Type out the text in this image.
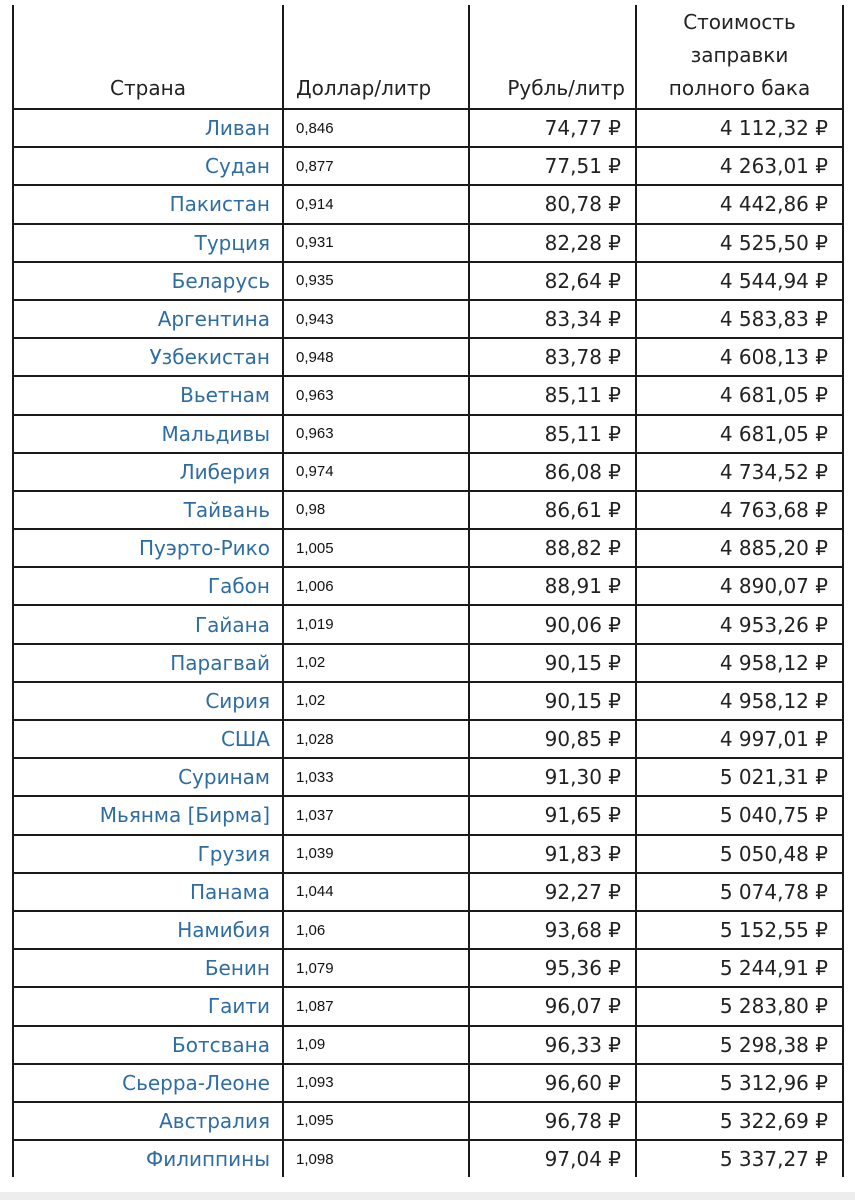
Страна	Доллар/литр	Рубль/литр	Стоимость
заправки
полного бака

Ливан	0,846	74,77 ₽	4 112,32 ₽
Судан	0,877	77,51 ₽	4 263,01 ₽
Пакистан	0,914	80,78 ₽	4 442,86 ₽
Турция	0,931	82,28 ₽	4 525,50 ₽
Беларусь	0,935	82,64 ₽	4 544,94 ₽
Аргентина	0,943	83,34 ₽	4 583,83 ₽
Узбекистан	0,948	83,78 ₽	4 608,13 ₽
Вьетнам	0,963	85,11 ₽	4 681,05 ₽
Мальдивы	0,963	85,11 ₽	4 681,05 ₽
Либерия	0,974	86,08 ₽	4 734,52 ₽
Тайвань	0,98	86,61 ₽	4 763,68 ₽
Пуэрто-Рико	1,005	88,82 ₽	4 885,20 ₽
Габон	1,006	88,91 ₽	4 890,07 ₽
Гайана	1,019	90,06 ₽	4 953,26 ₽
Парагвай	1,02	90,15 ₽	4 958,12 ₽
Сирия	1,02	90,15 ₽	4 958,12 ₽
США	1,028	90,85 ₽	4 997,01 ₽
Суринам	1,033	91,30 ₽	5 021,31 ₽
Мьянма [Бирма]	1,037	91,65 ₽	5 040,75 ₽
Грузия	1,039	91,83 ₽	5 050,48 ₽
Панама	1,044	92,27 ₽	5 074,78 ₽
Намибия	1,06	93,68 ₽	5 152,55 ₽
Бенин	1,079	95,36 ₽	5 244,91 ₽
Гаити	1,087	96,07 ₽	5 283,80 ₽
Ботсвана	1,09	96,33 ₽	5 298,38 ₽
Сьерра-Леоне	1,093	96,60 ₽	5 312,96 ₽
Австралия	1,095	96,78 ₽	5 322,69 ₽
Филиппины	1,098	97,04 ₽	5 337,27 ₽
